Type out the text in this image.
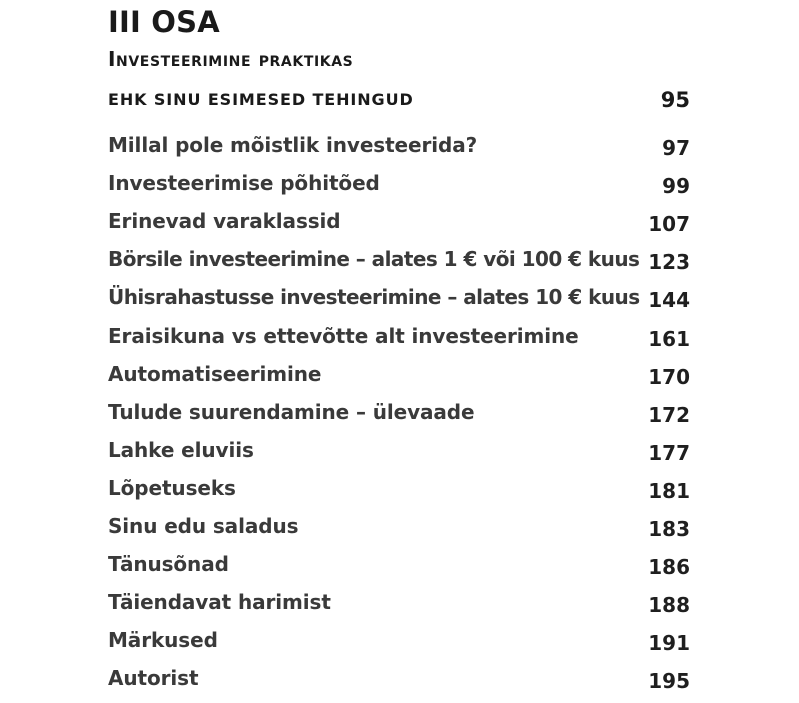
III OSA
Investeerimine praktikas
EHK SINU ESIMESED TEHINGUD	95
Millal pole mõistlik investeerida?	97
Investeerimise põhitõed	99
Erinevad varaklassid	107
Börsile investeerimine – alates 1 € või 100 € kuus 123
Ühisrahastusse investeerimine – alates 10 € kuus 144
Eraisikuna vs ettevõtte alt investeerimine	161
Automatiseerimine	170
Tulude suurendamine – ülevaade	172
Lahke eluviis	177
Lõpetuseks	181
Sinu edu saladus	183
Tänusõnad	186
Täiendavat harimist	188
Märkused	191
Autorist	195
